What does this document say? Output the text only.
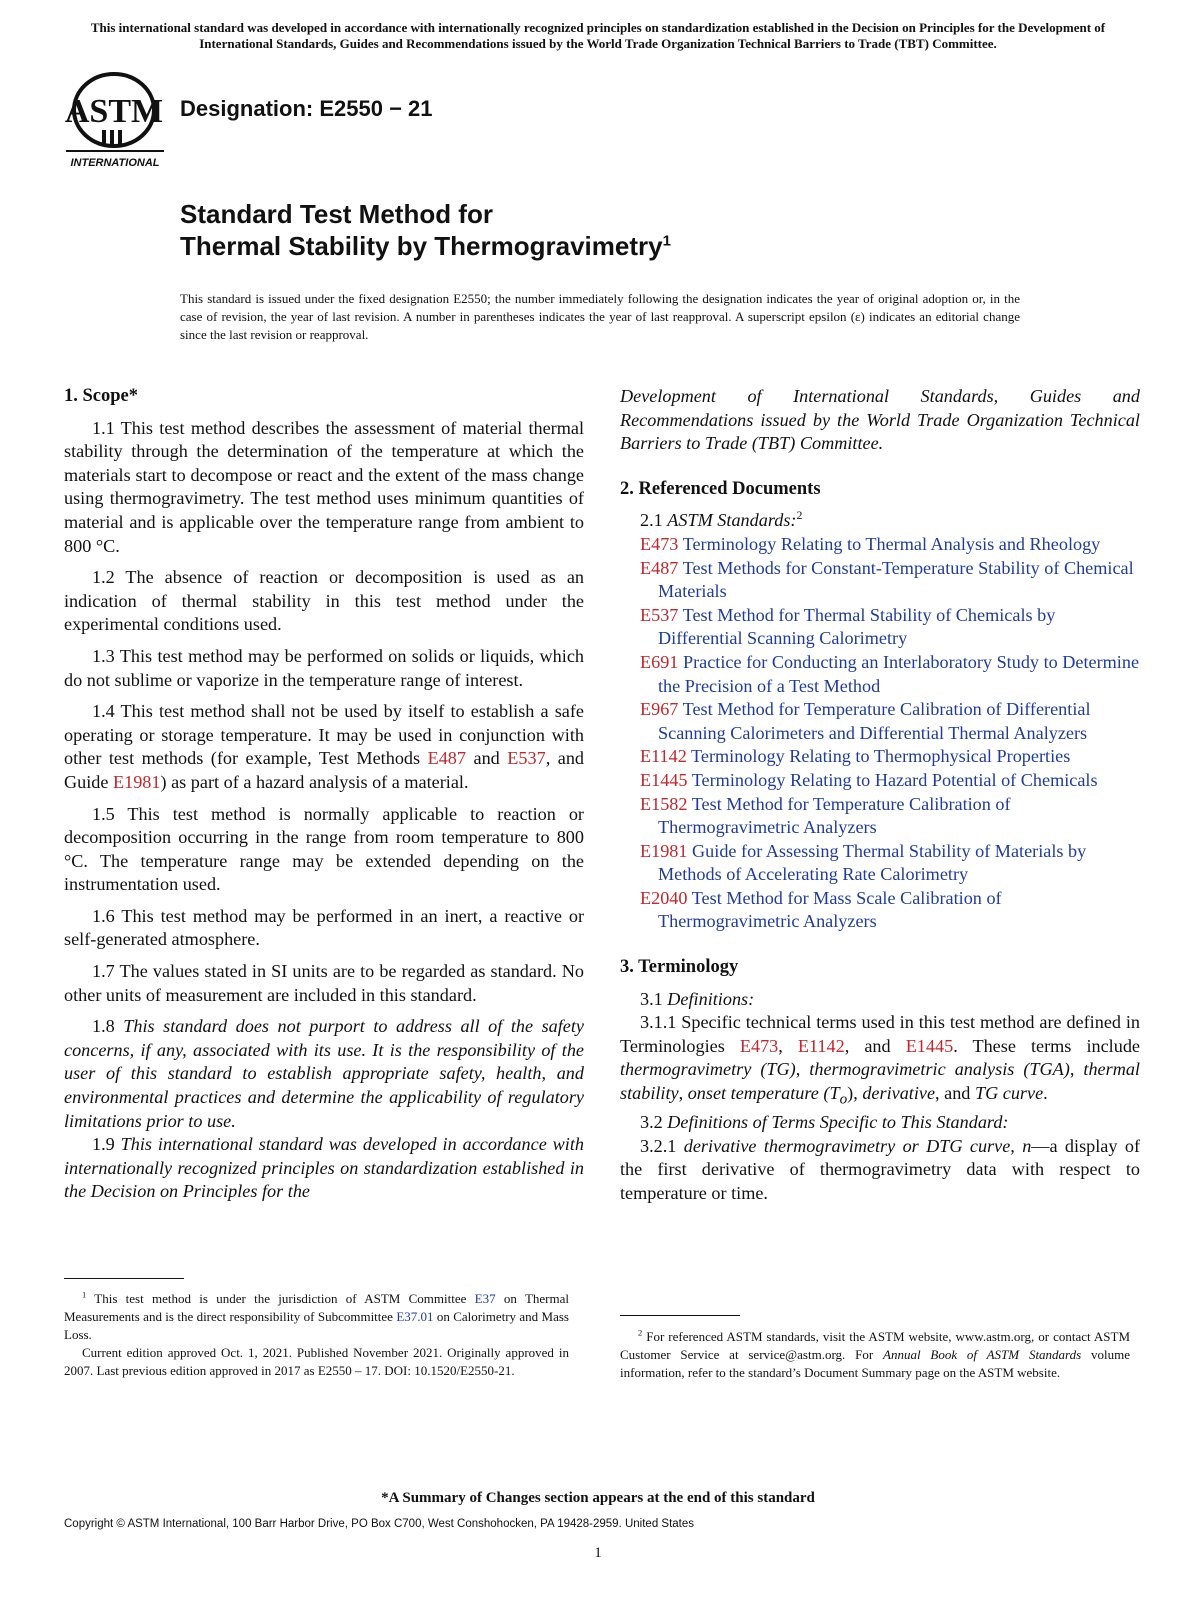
This international standard was developed in accordance with internationally recognized principles on standardization established in the Decision on Principles for the Development of International Standards, Guides and Recommendations issued by the World Trade Organization Technical Barriers to Trade (TBT) Committee.
ASTM
INTERNATIONAL
Designation: E2550 − 21
Standard Test Method for
Thermal Stability by Thermogravimetry$^1$
This standard is issued under the fixed designation E2550; the number immediately following the designation indicates the year of original adoption or, in the case of revision, the year of last revision. A number in parentheses indicates the year of last reapproval. A superscript epsilon (ε) indicates an editorial change since the last revision or reapproval.
1. Scope*

1.1 This test method describes the assessment of material thermal stability through the determination of the temperature at which the materials start to decompose or react and the extent of the mass change using thermogravimetry. The test method uses minimum quantities of material and is applicable over the temperature range from ambient to 800 °C.

1.2 The absence of reaction or decomposition is used as an indication of thermal stability in this test method under the experimental conditions used.

1.3 This test method may be performed on solids or liquids, which do not sublime or vaporize in the temperature range of interest.

1.4 This test method shall not be used by itself to establish a safe operating or storage temperature. It may be used in conjunction with other test methods (for example, Test Methods E487 and E537, and Guide E1981) as part of a hazard analysis of a material.

1.5 This test method is normally applicable to reaction or decomposition occurring in the range from room temperature to 800 °C. The temperature range may be extended depending on the instrumentation used.

1.6 This test method may be performed in an inert, a reactive or self-generated atmosphere.

1.7 The values stated in SI units are to be regarded as standard. No other units of measurement are included in this standard.

1.8 This standard does not purport to address all of the safety concerns, if any, associated with its use. It is the responsibility of the user of this standard to establish appropriate safety, health, and environmental practices and determine the applicability of regulatory limitations prior to use.

1.9 This international standard was developed in accordance with internationally recognized principles on standardization established in the Decision on Principles for the

Development of International Standards, Guides and Recommendations issued by the World Trade Organization Technical Barriers to Trade (TBT) Committee.

2. Referenced Documents
2.1 ASTM Standards:$^2$
E473 Terminology Relating to Thermal Analysis and Rheology
E487 Test Methods for Constant-Temperature Stability of Chemical Materials
E537 Test Method for Thermal Stability of Chemicals by Differential Scanning Calorimetry
E691 Practice for Conducting an Interlaboratory Study to Determine the Precision of a Test Method
E967 Test Method for Temperature Calibration of Differential Scanning Calorimeters and Differential Thermal Analyzers
E1142 Terminology Relating to Thermophysical Properties
E1445 Terminology Relating to Hazard Potential of Chemicals
E1582 Test Method for Temperature Calibration of Thermogravimetric Analyzers
E1981 Guide for Assessing Thermal Stability of Materials by Methods of Accelerating Rate Calorimetry
E2040 Test Method for Mass Scale Calibration of Thermogravimetric Analyzers
3. Terminology
3.1 Definitions:

3.1.1 Specific technical terms used in this test method are defined in Terminologies E473, E1142, and E1445. These terms include thermogravimetry (TG), thermogravimetric analysis (TGA), thermal stability, onset temperature $(T_o)$, derivative, and TG curve.

3.2 Definitions of Terms Specific to This Standard:

3.2.1 derivative thermogravimetry or DTG curve, n—a display of the first derivative of thermogravimetry data with respect to temperature or time.

$^1$ This test method is under the jurisdiction of ASTM Committee E37 on Thermal Measurements and is the direct responsibility of Subcommittee E37.01 on Calorimetry and Mass Loss.

Current edition approved Oct. 1, 2021. Published November 2021. Originally approved in 2007. Last previous edition approved in 2017 as E2550 – 17. DOI: 10.1520/E2550-21.

$^2$ For referenced ASTM standards, visit the ASTM website, www.astm.org, or contact ASTM Customer Service at service@astm.org. For Annual Book of ASTM Standards volume information, refer to the standard’s Document Summary page on the ASTM website.

*A Summary of Changes section appears at the end of this standard
Copyright © ASTM International, 100 Barr Harbor Drive, PO Box C700, West Conshohocken, PA 19428-2959. United States
1
